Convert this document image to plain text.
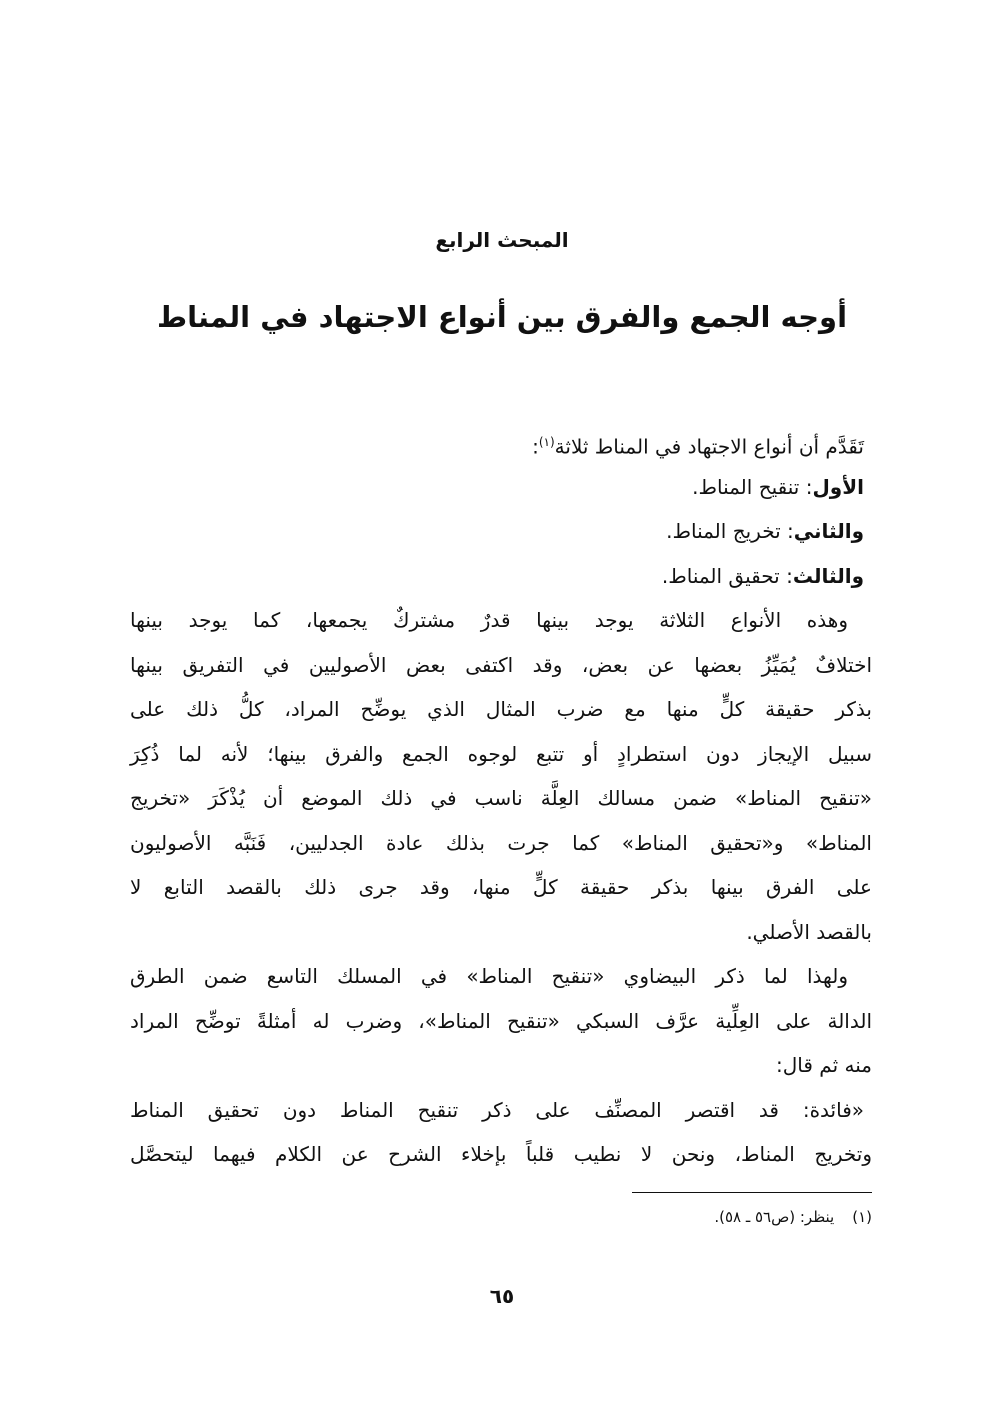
المبحث الرابع
أوجه الجمع والفرق بين أنواع الاجتهاد في المناط
تَقَدَّم أن أنواع الاجتهاد في المناط ثلاثة$^{(١)}$:
الأول: تنقيح المناط.
والثاني: تخريج المناط.
والثالث: تحقيق المناط.
وهذه الأنواع الثلاثة يوجد بينها قدرٌ مشتركٌ يجمعها، كما يوجد بينها
اختلافٌ يُمَيِّزُ بعضها عن بعض، وقد اكتفى بعض الأصوليين في التفريق بينها
بذكر حقيقة كلٍّ منها مع ضرب المثال الذي يوضِّح المراد، كلُّ ذلك على
سبيل الإيجاز دون استطرادٍ أو تتبع لوجوه الجمع والفرق بينها؛ لأنه لما ذُكِرَ
«تنقيح المناط» ضمن مسالك العِلَّة ناسب في ذلك الموضع أن يُذْكَرَ «تخريج
المناط» و«تحقيق المناط» كما جرت بذلك عادة الجدليين، فَنَبَّه الأصوليون
على الفرق بينها بذكر حقيقة كلٍّ منها، وقد جرى ذلك بالقصد التابع لا
بالقصد الأصلي.
ولهذا لما ذكر البيضاوي «تنقيح المناط» في المسلك التاسع ضمن الطرق
الدالة على العِلِّية عرَّف السبكي «تنقيح المناط»، وضرب له أمثلةً توضِّح المراد
منه ثم قال:
«فائدة: قد اقتصر المصنِّف على ذكر تنقيح المناط دون تحقيق المناط
وتخريج المناط، ونحن لا نطيب قلباً بإخلاء الشرح عن الكلام فيهما ليتحصَّل
(١)ينظر: (ص٥٦ ـ ٥٨).
٦٥
